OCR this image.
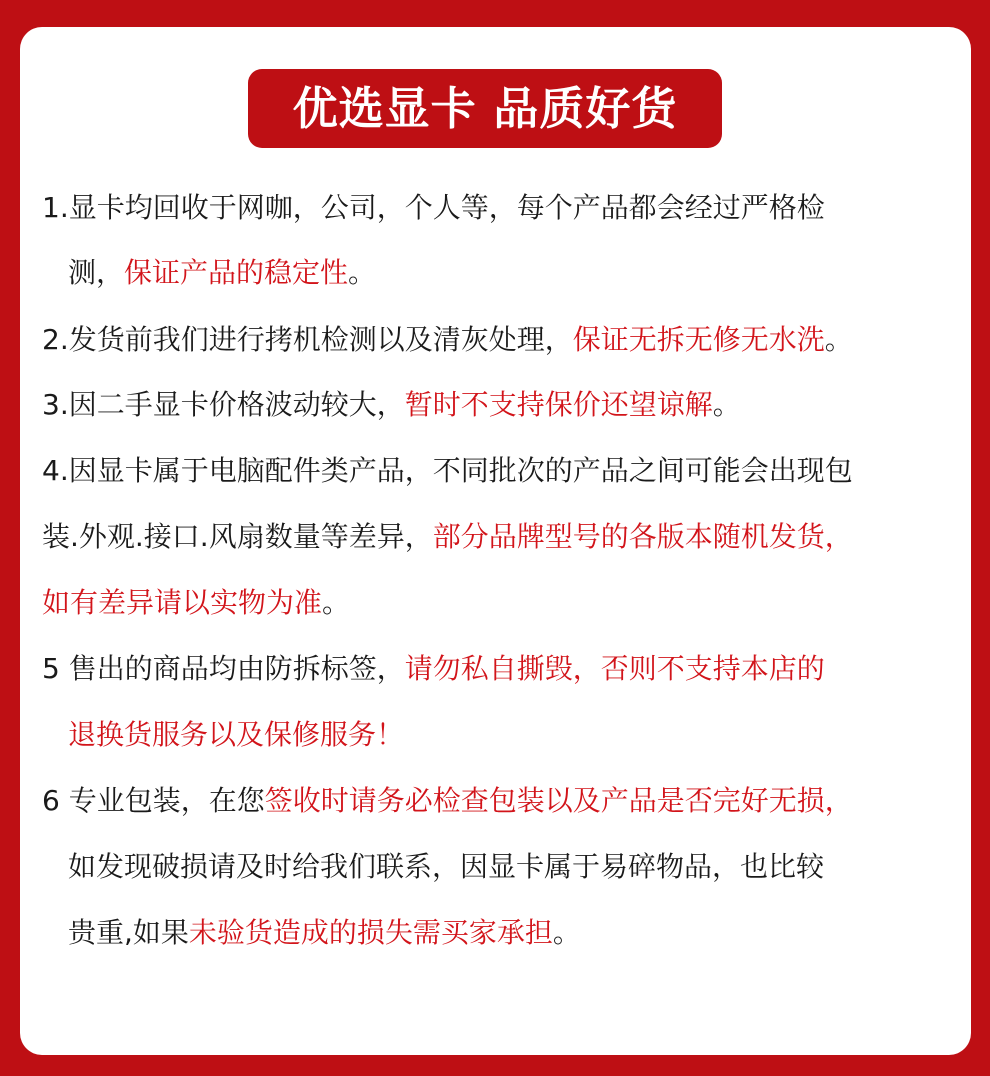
优选显卡 品质好货
1.显卡均回收于网咖，公司，个人等，每个产品都会经过严格检
测，保证产品的稳定性。
2.发货前我们进行拷机检测以及清灰处理，保证无拆无修无水洗。
3.因二手显卡价格波动较大，暂时不支持保价还望谅解。
4.因显卡属于电脑配件类产品，不同批次的产品之间可能会出现包
装.外观.接口.风扇数量等差异，部分品牌型号的各版本随机发货，
如有差异请以实物为准。
5 售出的商品均由防拆标签，请勿私自撕毁，否则不支持本店的
退换货服务以及保修服务！
6 专业包装，在您签收时请务必检查包装以及产品是否完好无损，
如发现破损请及时给我们联系，因显卡属于易碎物品，也比较
贵重,如果未验货造成的损失需买家承担。
